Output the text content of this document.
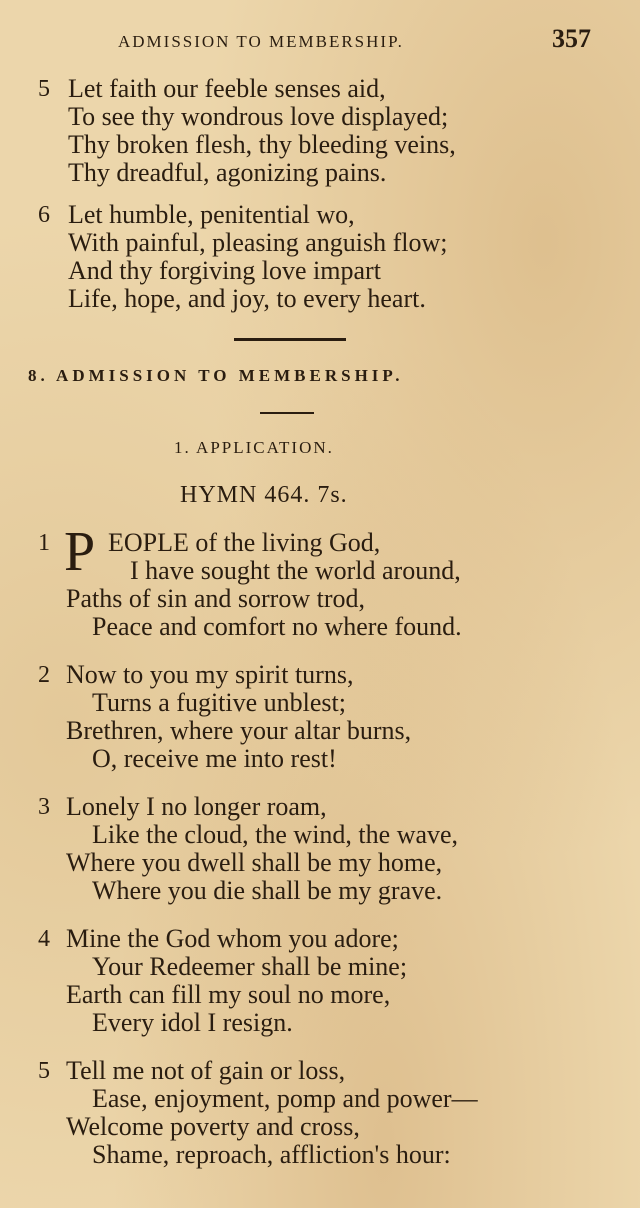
ADMISSION TO MEMBERSHIP.	357
5 Let faith our feeble senses aid,
To see thy wondrous love displayed;
Thy broken flesh, thy bleeding veins,
Thy dreadful, agonizing pains.
6 Let humble, penitential wo,
With painful, pleasing anguish flow;
And thy forgiving love impart
Life, hope, and joy, to every heart.
8. ADMISSION TO MEMBERSHIP.
1. APPLICATION.
HYMN 464. 7s.
1 P EOPLE of the living God,
I have sought the world around,
Paths of sin and sorrow trod,
Peace and comfort no where found.
2 Now to you my spirit turns,
Turns a fugitive unblest;
Brethren, where your altar burns,
O, receive me into rest!
3 Lonely I no longer roam,
Like the cloud, the wind, the wave,
Where you dwell shall be my home,
Where you die shall be my grave.
4 Mine the God whom you adore;
Your Redeemer shall be mine;
Earth can fill my soul no more,
Every idol I resign.
5 Tell me not of gain or loss,
Ease, enjoyment, pomp and power—
Welcome poverty and cross,
Shame, reproach, affliction's hour:
